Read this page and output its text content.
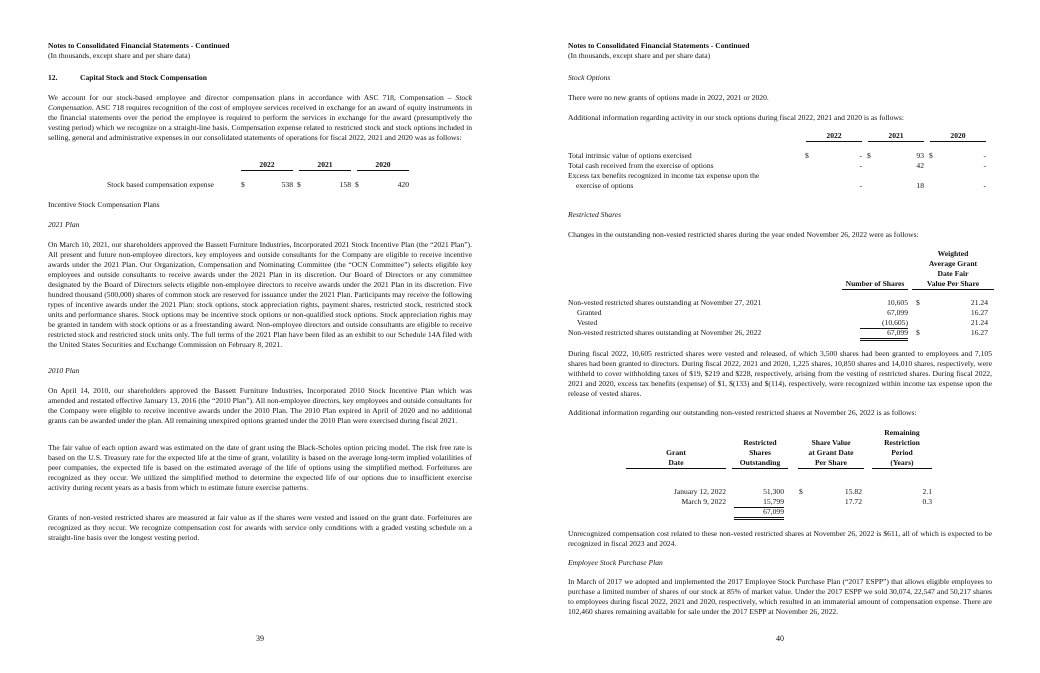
Notes to Consolidated Financial Statements - Continued
(In thousands, except share and per share data)
12.	Capital Stock and Stock Compensation

We account for our stock-based employee and director compensation plans in accordance with ASC 718, Compensation – Stock Compensation. ASC 718 requires recognition of the cost of employee services received in exchange for an award of equity instruments in the financial statements over the period the employee is required to perform the services in exchange for the award (presumptively the vesting period) which we recognize on a straight-line basis. Compensation expense related to restricted stock and stock options included in selling, general and administrative expenses in our consolidated statements of operations for fiscal 2022, 2021 and 2020 was as follows:

2022	2021	2020
Stock based compensation expense	$	538 $	158 $	420
Incentive Stock Compensation Plans
2021 Plan

On March 10, 2021, our shareholders approved the Bassett Furniture Industries, Incorporated 2021 Stock Incentive Plan (the “2021 Plan”). All present and future non-employee directors, key employees and outside consultants for the Company are eligible to receive incentive awards under the 2021 Plan. Our Organization, Compensation and Nominating Committee (the “OCN Committee”) selects eligible key employees and outside consultants to receive awards under the 2021 Plan in its discretion. Our Board of Directors or any committee designated by the Board of Directors selects eligible non-employee directors to receive awards under the 2021 Plan in its discretion. Five hundred thousand (500,000) shares of common stock are reserved for issuance under the 2021 Plan. Participants may receive the following types of incentive awards under the 2021 Plan: stock options, stock appreciation rights, payment shares, restricted stock, restricted stock units and performance shares. Stock options may be incentive stock options or non-qualified stock options. Stock appreciation rights may be granted in tandem with stock options or as a freestanding award. Non-employee directors and outside consultants are eligible to receive restricted stock and restricted stock units only. The full terms of the 2021 Plan have been filed as an exhibit to our Schedule 14A filed with the United States Securities and Exchange Commission on February 8, 2021.

2010 Plan

On April 14, 2010, our shareholders approved the Bassett Furniture Industries, Incorporated 2010 Stock Incentive Plan which was amended and restated effective January 13, 2016 (the “2010 Plan”). All non-employee directors, key employees and outside consultants for the Company were eligible to receive incentive awards under the 2010 Plan. The 2010 Plan expired in April of 2020 and no additional grants can be awarded under the plan. All remaining unexpired options granted under the 2010 Plan were exercised during fiscal 2021.

The fair value of each option award was estimated on the date of grant using the Black-Scholes option pricing model. The risk free rate is based on the U.S. Treasury rate for the expected life at the time of grant, volatility is based on the average long-term implied volatilities of peer companies, the expected life is based on the estimated average of the life of options using the simplified method. Forfeitures are recognized as they occur. We utilized the simplified method to determine the expected life of our options due to insufficient exercise activity during recent years as a basis from which to estimate future exercise patterns.

Grants of non-vested restricted shares are measured at fair value as if the shares were vested and issued on the grant date. Forfeitures are recognized as they occur. We recognize compensation cost for awards with service only conditions with a graded vesting schedule on a straight-line basis over the longest vesting period.

39
Notes to Consolidated Financial Statements - Continued
(In thousands, except share and per share data)
Stock Options
There were no new grants of options made in 2022, 2021 or 2020.
Additional information regarding activity in our stock options during fiscal 2022, 2021 and 2020 is as follows:
2022	2021	2020
Total intrinsic value of options exercised	$	- $	93 $	-
Total cash received from the exercise of options	-	42	-
Excess tax benefits recognized in income tax expense upon the
exercise of options	-	18	-
Restricted Shares
Changes in the outstanding non-vested restricted shares during the year ended November 26, 2022 were as follows:
Weighted
Average Grant
Date Fair
Value Per Share
Number of Shares
Non-vested restricted shares outstanding at November 27, 2021	10,605 $	21.24
Granted	67,099	16.27
Vested	(10,605)	21.24
Non-vested restricted shares outstanding at November 26, 2022	67,099 $	16.27

During fiscal 2022, 10,605 restricted shares were vested and released, of which 3,500 shares had been granted to employees and 7,105 shares had been granted to directors. During fiscal 2022, 2021 and 2020, 1,225 shares, 10,850 shares and 14,010 shares, respectively, were withheld to cover withholding taxes of $19, $219 and $228, respectively, arising from the vesting of restricted shares. During fiscal 2022, 2021 and 2020, excess tax benefits (expense) of $1, $(133) and $(114), respectively, were recognized within income tax expense upon the release of vested shares.

Additional information regarding our outstanding non-vested restricted shares at November 26, 2022 is as follows:
Grant
Date
Restricted
Shares
Outstanding
Share Value
at Grant Date
Per Share
Remaining
Restriction
Period
(Years)
January 12, 2022	51,300 $	15.82	2.1
March 9, 2022	15,799	17.72	0.3
67,099

Unrecognized compensation cost related to these non-vested restricted shares at November 26, 2022 is $611, all of which is expected to be recognized in fiscal 2023 and 2024.

Employee Stock Purchase Plan

In March of 2017 we adopted and implemented the 2017 Employee Stock Purchase Plan (“2017 ESPP”) that allows eligible employees to purchase a limited number of shares of our stock at 85% of market value. Under the 2017 ESPP we sold 30,074, 22,547 and 50,217 shares to employees during fiscal 2022, 2021 and 2020, respectively, which resulted in an immaterial amount of compensation expense. There are 102,460 shares remaining available for sale under the 2017 ESPP at November 26, 2022.

40
